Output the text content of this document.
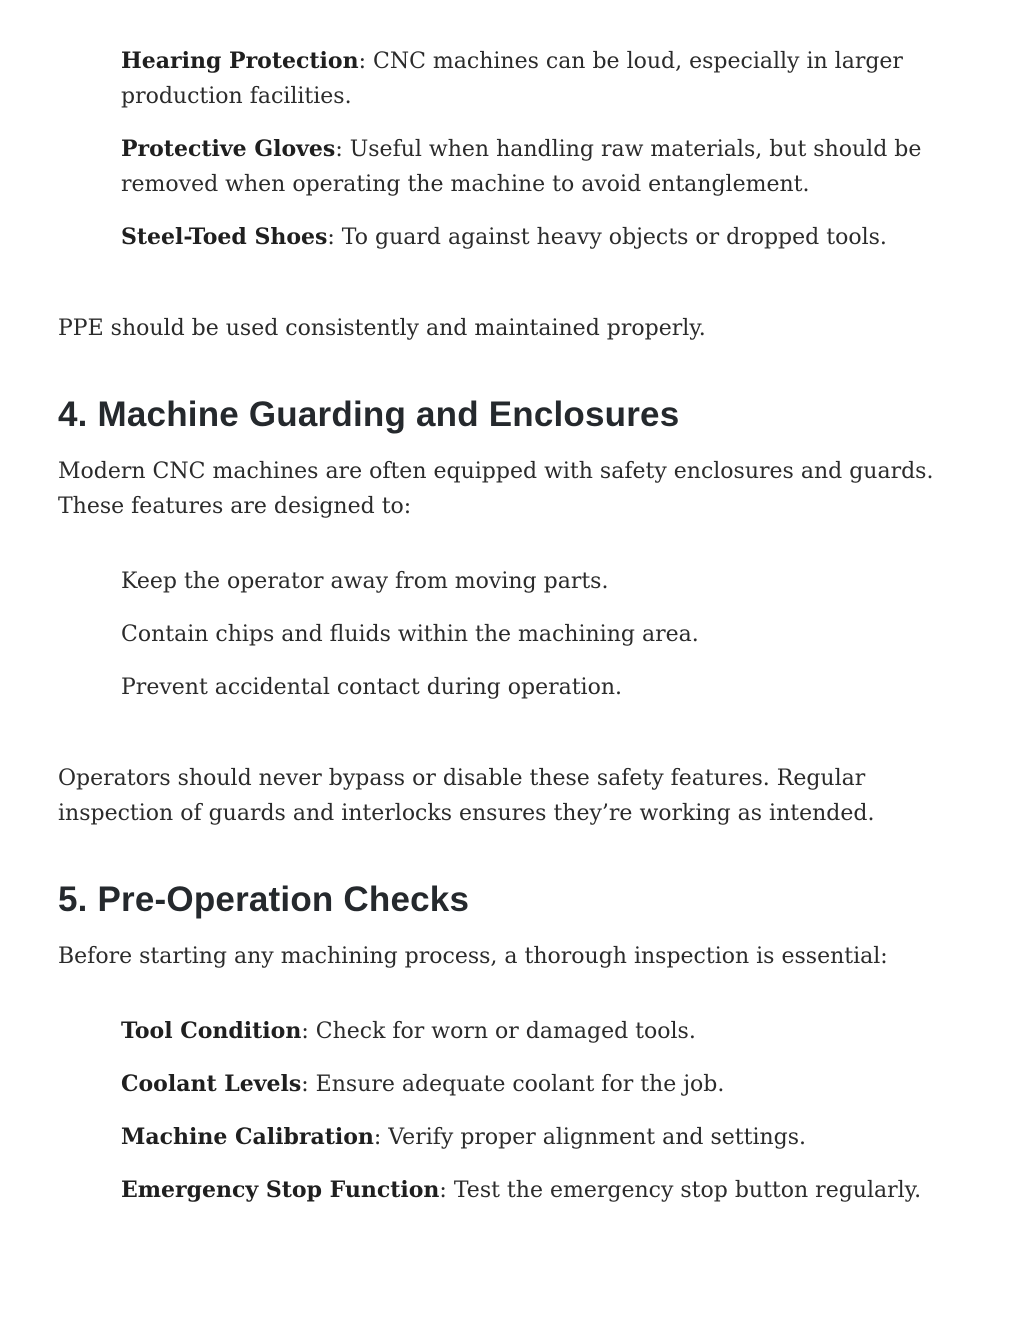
Hearing Protection: CNC machines can be loud, especially in larger production facilities.
Protective Gloves: Useful when handling raw materials, but should be removed when operating the machine to avoid entanglement.
Steel-Toed Shoes: To guard against heavy objects or dropped tools.

PPE should be used consistently and maintained properly.

4. Machine Guarding and Enclosures

Modern CNC machines are often equipped with safety enclosures and guards. These features are designed to:

Keep the operator away from moving parts.
Contain chips and fluids within the machining area.
Prevent accidental contact during operation.

Operators should never bypass or disable these safety features. Regular inspection of guards and interlocks ensures they’re working as intended.

5. Pre-Operation Checks

Before starting any machining process, a thorough inspection is essential:

Tool Condition: Check for worn or damaged tools.
Coolant Levels: Ensure adequate coolant for the job.
Machine Calibration: Verify proper alignment and settings.
Emergency Stop Function: Test the emergency stop button regularly.
